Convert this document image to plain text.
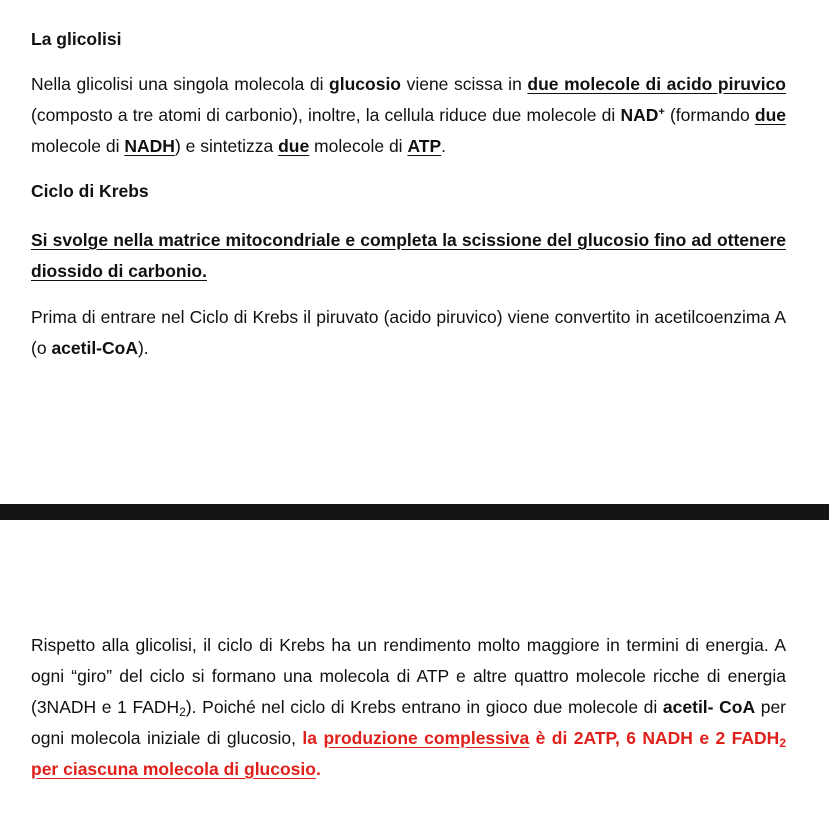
La glicolisi

Nella glicolisi una singola molecola di glucosio viene scissa in due molecole di acido piruvico (composto a tre atomi di carbonio), inoltre, la cellula riduce due molecole di NAD+ (formando due molecole di NADH) e sintetizza due molecole di ATP.

Ciclo di Krebs

Si svolge nella matrice mitocondriale e completa la scissione del glucosio fino ad ottenere diossido di carbonio.

Prima di entrare nel Ciclo di Krebs il piruvato (acido piruvico) viene convertito in acetilcoenzima A (o acetil-CoA).

Rispetto alla glicolisi, il ciclo di Krebs ha un rendimento molto maggiore in termini di energia. A ogni “giro” del ciclo si formano una molecola di ATP e altre quattro molecole ricche di energia (3NADH e 1 $FADH_2$). Poiché nel ciclo di Krebs entrano in gioco due molecole di acetil- CoA per ogni molecola iniziale di glucosio, la produzione complessiva è di 2ATP, 6 NADH e 2 $FADH_2$ per ciascuna molecola di glucosio.
